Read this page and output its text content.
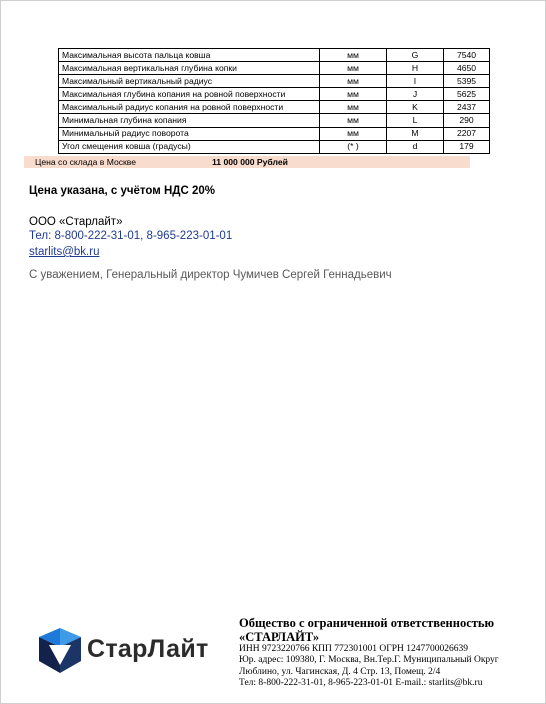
Максимальная высота пальца ковша	мм	G	7540
Максимальная вертикальная глубина копки	мм	H	4650
Максимальный вертикальный радиус	мм	I	5395
Максимальная глубина копания на ровной поверхности	мм	J	5625
Максимальный радиус копания на ровной поверхности	мм	K	2437
Минимальная глубина копания	мм	L	290
Минимальный радиус поворота	мм	M	2207
Угол смещения ковша (градусы)	(* )	d	179
Цена со склада в Москве	11 000 000 Рублей
Цена указана, с учётом НДС 20%
ООО «Старлайт»
Тел: 8-800-222-31-01, 8-965-223-01-01
starlits@bk.ru
С уважением, Генеральный директор Чумичев Сергей Геннадьевич
СтарЛайт
Общество с ограниченной ответственностью
«СТАРЛАЙТ»
ИНН 9723220766 КПП 772301001 ОГРН 1247700026639
Юр. адрес: 109380, Г. Москва, Вн.Тер.Г. Муниципальный Округ
Люблино, ул. Чагинская, Д. 4 Стр. 13, Помещ. 2/4
Тел: 8-800-222-31-01, 8-965-223-01-01 E-mail.: starlits@bk.ru
